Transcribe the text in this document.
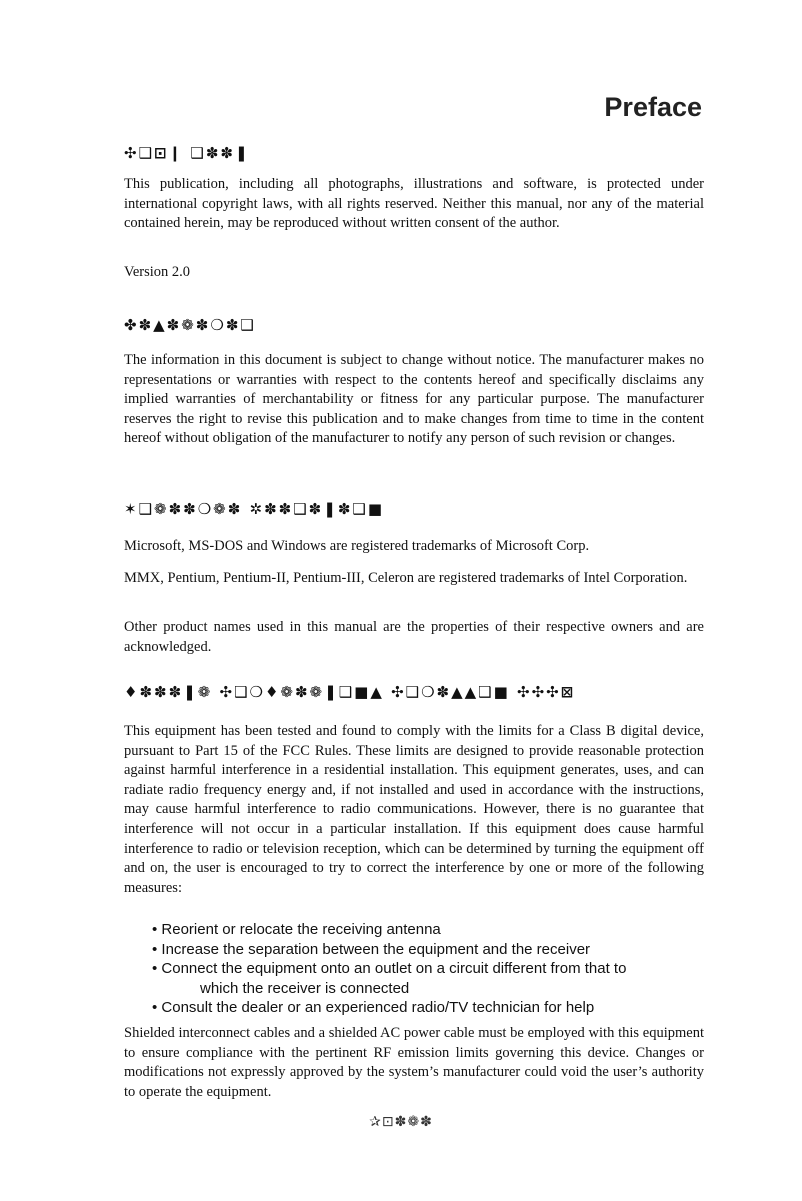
Preface
✣❑⊡❙ ❑✽✽❚

This publication, including all photographs, illustrations and software, is protected under international copyright laws, with all rights reserved. Neither this manual, nor any of the material contained herein, may be reproduced without written consent of the author.

Version 2.0

✤✽▲✽❁✽❍✽❑

The information in this document is subject to change without notice. The manufacturer makes no representations or warranties with respect to the contents hereof and specifically disclaims any implied warranties of merchantability or fitness for any particular purpose. The manufacturer reserves the right to revise this publication and to make changes from time to time in the content hereof without obligation of the manufacturer to notify any person of such revision or changes.

✶❑❁✽✽❍❁✽ ✲✽✽❑✽❚✽❑■

Microsoft, MS-DOS and Windows are registered trademarks of Microsoft Corp.

MMX, Pentium, Pentium-II, Pentium-III, Celeron are registered trademarks of Intel Corporation.

Other product names used in this manual are the properties of their respective owners and are acknowledged.

♦✽✽✽❚❁ ✣❑❍♦❁✽❁❚❑■▲ ✣❑❍✽▲▲❑■ ✣✣✣⊠

This equipment has been tested and found to comply with the limits for a Class B digital device, pursuant to Part 15 of the FCC Rules. These limits are designed to provide reasonable protection against harmful interference in a residential installation. This equipment generates, uses, and can radiate radio frequency energy and, if not installed and used in accordance with the instructions, may cause harmful interference to radio communications. However, there is no guarantee that interference will not occur in a particular installation. If this equipment does cause harmful interference to radio or television reception, which can be determined by turning the equipment off and on, the user is encouraged to try to correct the interference by one or more of the following measures:

• Reorient or relocate the receiving antenna
• Increase the separation between the equipment and the receiver
• Connect the equipment onto an outlet on a circuit different from that to
which the receiver is connected
• Consult the dealer or an experienced radio/TV technician for help

Shielded interconnect cables and a shielded AC power cable must be employed with this equipment to ensure compliance with the pertinent RF emission limits governing this device. Changes or modifications not expressly approved by the system’s manufacturer could void the user’s authority to operate the equipment.

✰⊡✽❁✽
